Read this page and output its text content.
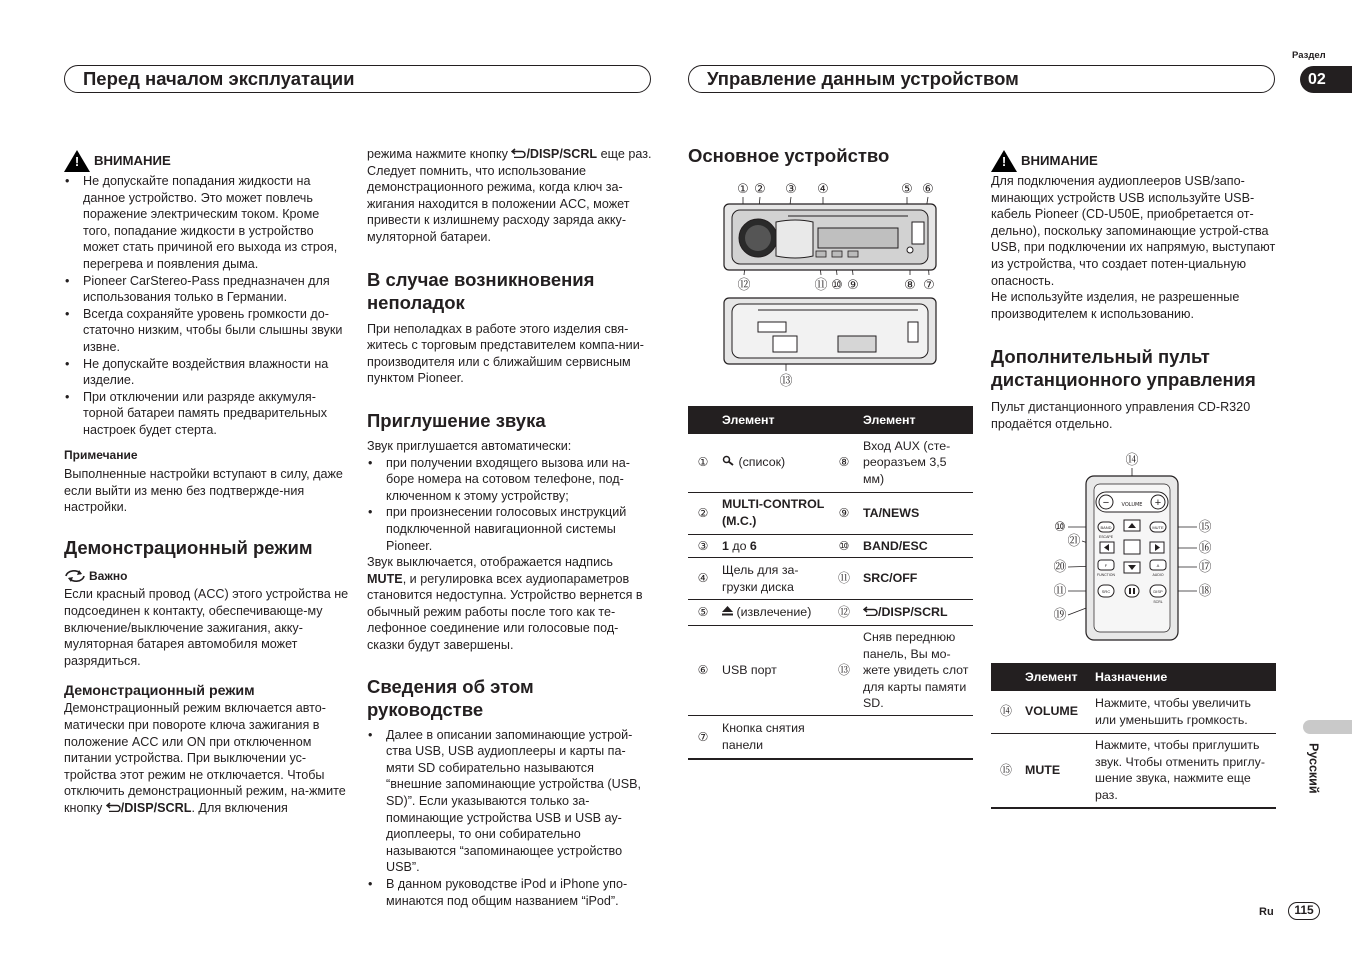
Перед началом эксплуатации	Управление данным устройством
Раздел
02
Русский
Ru	115
! ВНИМАНИЕ
• Не допускайте попадания жидкости на данное устройство. Это может повлечь поражение электрическим током. Кроме того, попадание жидкости в устройство может стать причиной его выхода из строя, перегрева и появления дыма.
• Pioneer CarStereo-Pass предназначен для использования только в Германии.
• Всегда сохраняйте уровень громкости до-статочно низким, чтобы были слышны звуки извне.
• Не допускайте воздействия влажности на изделие.
• При отключении или разряде аккумуля-торной батареи память предварительных настроек будет стерта.

Примечание

Выполненные настройки вступают в силу, даже если выйти из меню без подтвержде-ния настройки.

Демонстрационный режим
Важно

Если красный провод (ACC) этого устройства не подсоединен к контакту, обеспечивающе-му включение/выключение зажигания, акку-муляторная батарея автомобиля может разрядиться.

Демонстрационный режим

Демонстрационный режим включается авто-матически при повороте ключа зажигания в положение ACC или ON при отключенном питании устройства. При выключении ус-тройства этот режим не отключается. Чтобы отключить демонстрационный режим, на-жмите кнопку /DISP/SCRL. Для включения

режима нажмите кнопку /DISP/SCRL еще раз. Следует помнить, что использование демонстрационного режима, когда ключ за-жигания находится в положении ACC, может привести к излишнему расходу заряда акку-муляторной батареи.

В случае возникновения неполадок

При неполадках в работе этого изделия свя-житесь с торговым представителем компа-нии-производителя или с ближайшим сервисным пунктом Pioneer.

Приглушение звука

Звук приглушается автоматически:

• при получении входящего вызова или на-боре номера на сотовом телефоне, под-ключенном к этому устройству;
• при произнесении голосовых инструкций подключенной навигационной системы Pioneer.

Звук выключается, отображается надпись MUTE, и регулировка всех аудиопараметров становится недоступна. Устройство вернется в обычный режим работы после того как те-лефонное соединение или голосовые под-сказки будут завершены.

Сведения об этом руководстве
• Далее в описании запоминающие устрой-ства USB, USB аудиоплееры и карты па-мяти SD собирательно называются “внешние запоминающие устройства (USB, SD)”. Если указываются только за-поминающие устройства USB и USB ау-диоплееры, то они собирательно называются “запоминающее устройство USB”.
• В данном руководстве iPod и iPhone упо-минаются под общим названием “iPod”.
Основное устройство
① ② ③ ④	⑤ ⑥
⑫	⑪ ⑩ ⑨	⑧ ⑦
⑬
	Элемент		Элемент
①	(список)	⑧	Вход AUX (сте-реоразъем 3,5 мм)
②	MULTI-CONTROL (M.C.)	⑨	TA/NEWS
③	1 до 6	⑩	BAND/ESC
④	Щель для за-грузки диска	⑪	SRC/OFF
⑤	(извлечение)	⑫	/DISP/SCRL
⑥	USB порт	⑬	Сняв переднюю панель, Вы мо-жете увидеть слот для карты памяти SD.
⑦	Кнопка снятия панели		
! ВНИМАНИЕ

Для подключения аудиоплееров USB/запо-минающих устройств USB используйте USB-кабель Pioneer (CD-U50E, приобретается от-дельно), поскольку запоминающие устрой-ства USB, при подключении их напрямую, выступают из устройства, что создает потен-циальную опасность.

Не используйте изделия, не разрешенные производителем к использованию.

Дополнительный пульт дистанционного управления

Пульт дистанционного управления CD-R320 продаётся отдельно.

⑭
⑩
㉑
⑳
⑪
⑲
⑮
⑯
⑰
⑱
−	+
VOLUME
BAND
ESCAPE
MUTE
F
FUNCTION
A
AUDIO
SRC	DISP
SCRL
	Элемент	Назначение
⑭	VOLUME	Нажмите, чтобы увеличить или уменьшить громкость.
⑮	MUTE	Нажмите, чтобы приглушить звук. Чтобы отменить приглу-шение звука, нажмите еще раз.
